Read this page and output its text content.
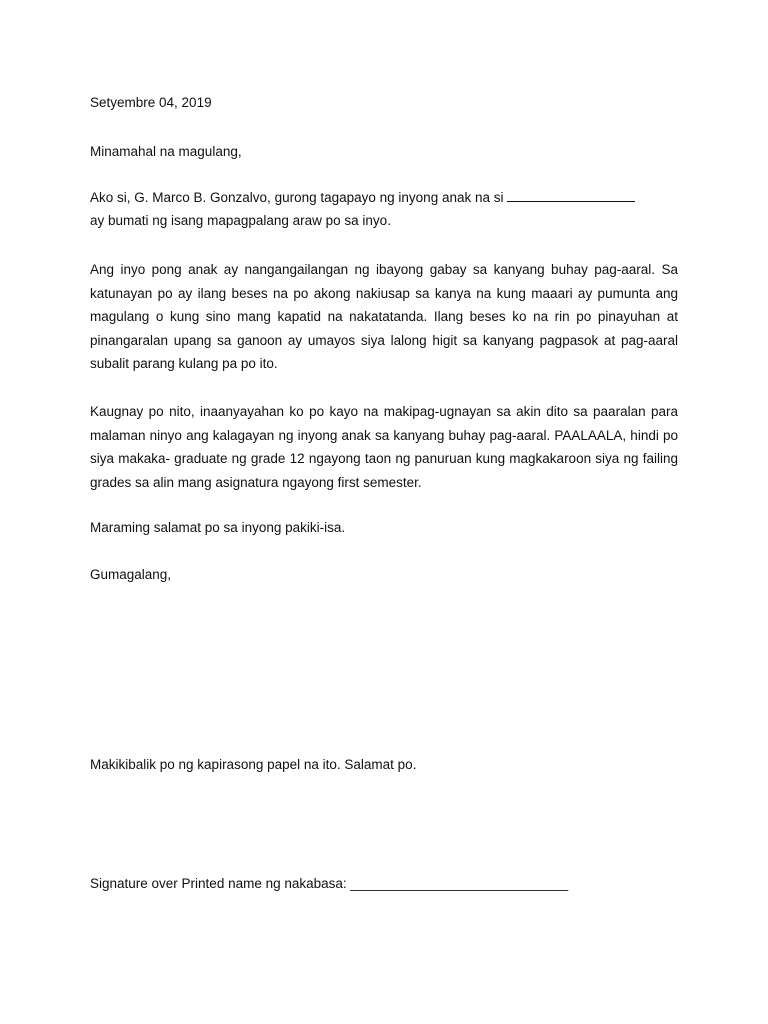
Setyembre 04, 2019
Minamahal na magulang,
Ako si, G. Marco B. Gonzalvo, gurong tagapayo ng inyong anak na si
ay bumati ng isang mapagpalang araw po sa inyo.
Ang inyo pong anak ay nangangailangan ng ibayong gabay sa kanyang buhay pag-aaral. Sa katunayan po ay ilang beses na po akong nakiusap sa kanya na kung maaari ay pumunta ang magulang o kung sino mang kapatid na nakatatanda. Ilang beses ko na rin po pinayuhan at pinangaralan upang sa ganoon ay umayos siya lalong higit sa kanyang pagpasok at pag-aaral subalit parang kulang pa po ito.
Kaugnay po nito, inaanyayahan ko po kayo na makipag-ugnayan sa akin dito sa paaralan para malaman ninyo ang kalagayan ng inyong anak sa kanyang buhay pag-aaral. PAALAALA, hindi po siya makaka- graduate ng grade 12 ngayong taon ng panuruan kung magkakaroon siya ng failing grades sa alin mang asignatura ngayong first semester.
Maraming salamat po sa inyong pakiki-isa.
Gumagalang,
Makikibalik po ng kapirasong papel na ito. Salamat po.
Signature over Printed name ng nakabasa: _____________________________
